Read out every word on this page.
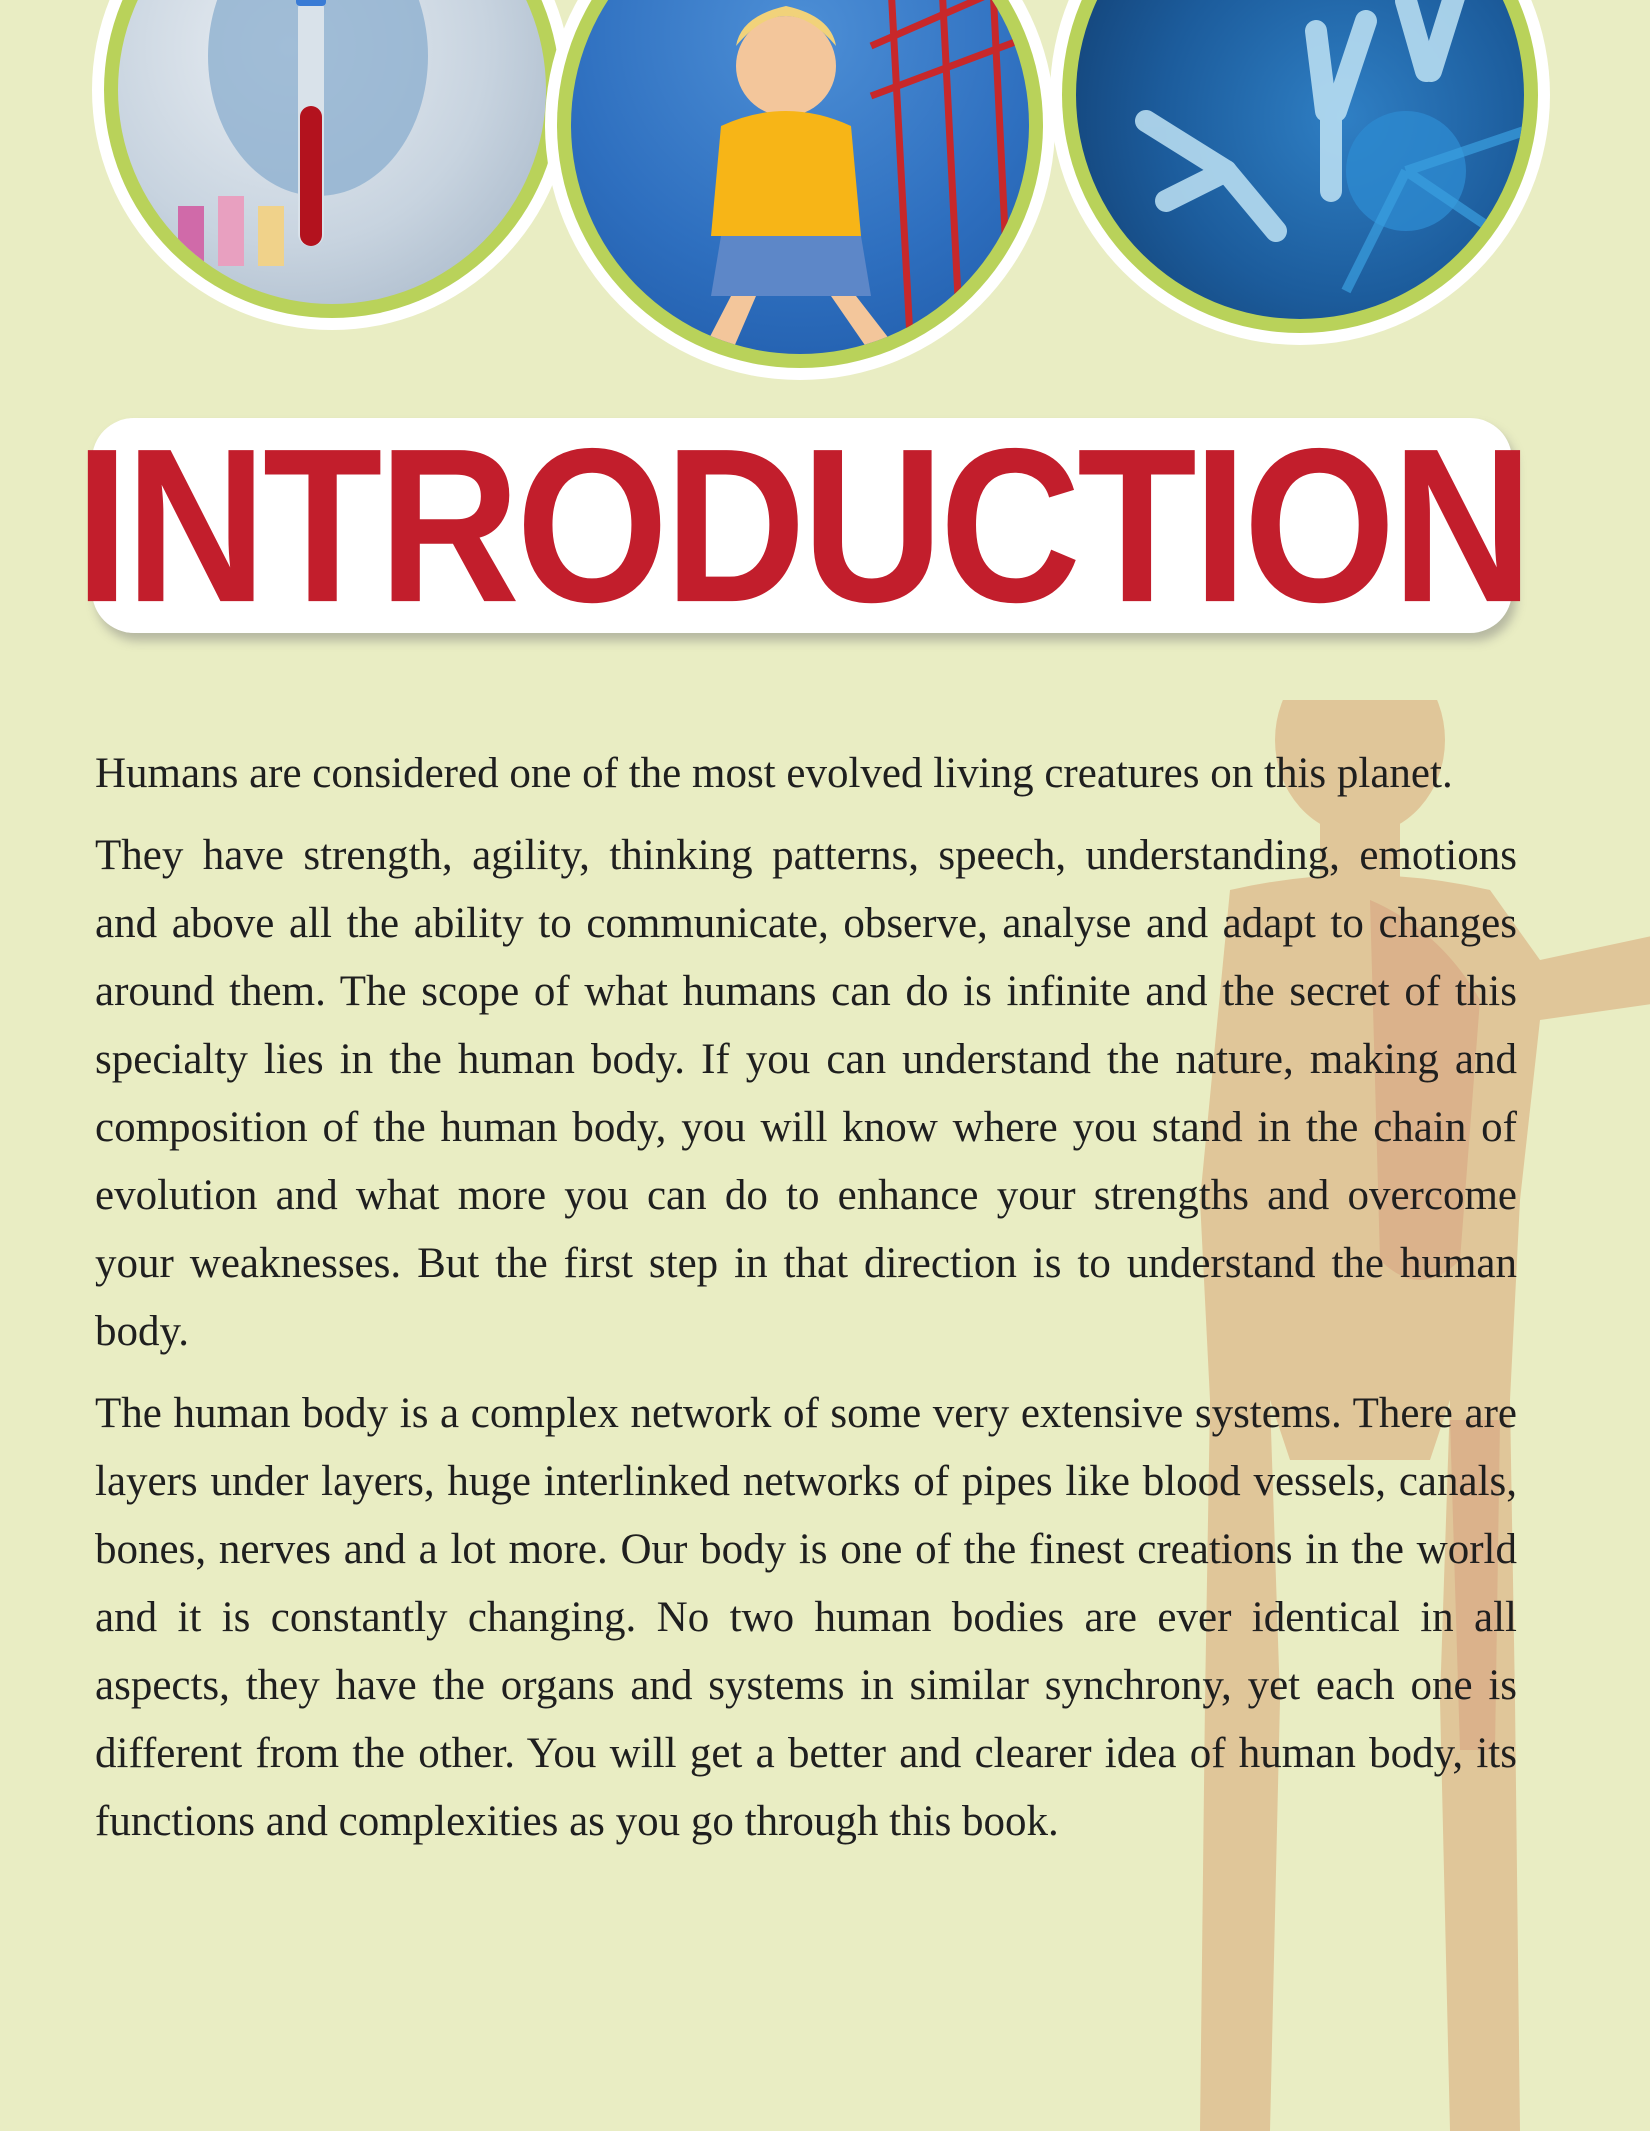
INTRODUCTION

Humans are considered one of the most evolved living creatures on this planet.

They have strength, agility, thinking patterns, speech, understanding, emotions and above all the ability to communicate, observe, analyse and adapt to changes around them. The scope of what humans can do is infinite and the secret of this specialty lies in the human body. If you can understand the nature, making and composition of the human body, you will know where you stand in the chain of evolution and what more you can do to enhance your strengths and overcome your weaknesses. But the first step in that direction is to understand the human body.

The human body is a complex network of some very extensive systems. There are layers under layers, huge interlinked networks of pipes like blood vessels, canals, bones, nerves and a lot more. Our body is one of the finest creations in the world and it is constantly changing. No two human bodies are ever identical in all aspects, they have the organs and systems in similar synchrony, yet each one is different from the other. You will get a better and clearer idea of human body, its functions and complexities as you go through this book.
